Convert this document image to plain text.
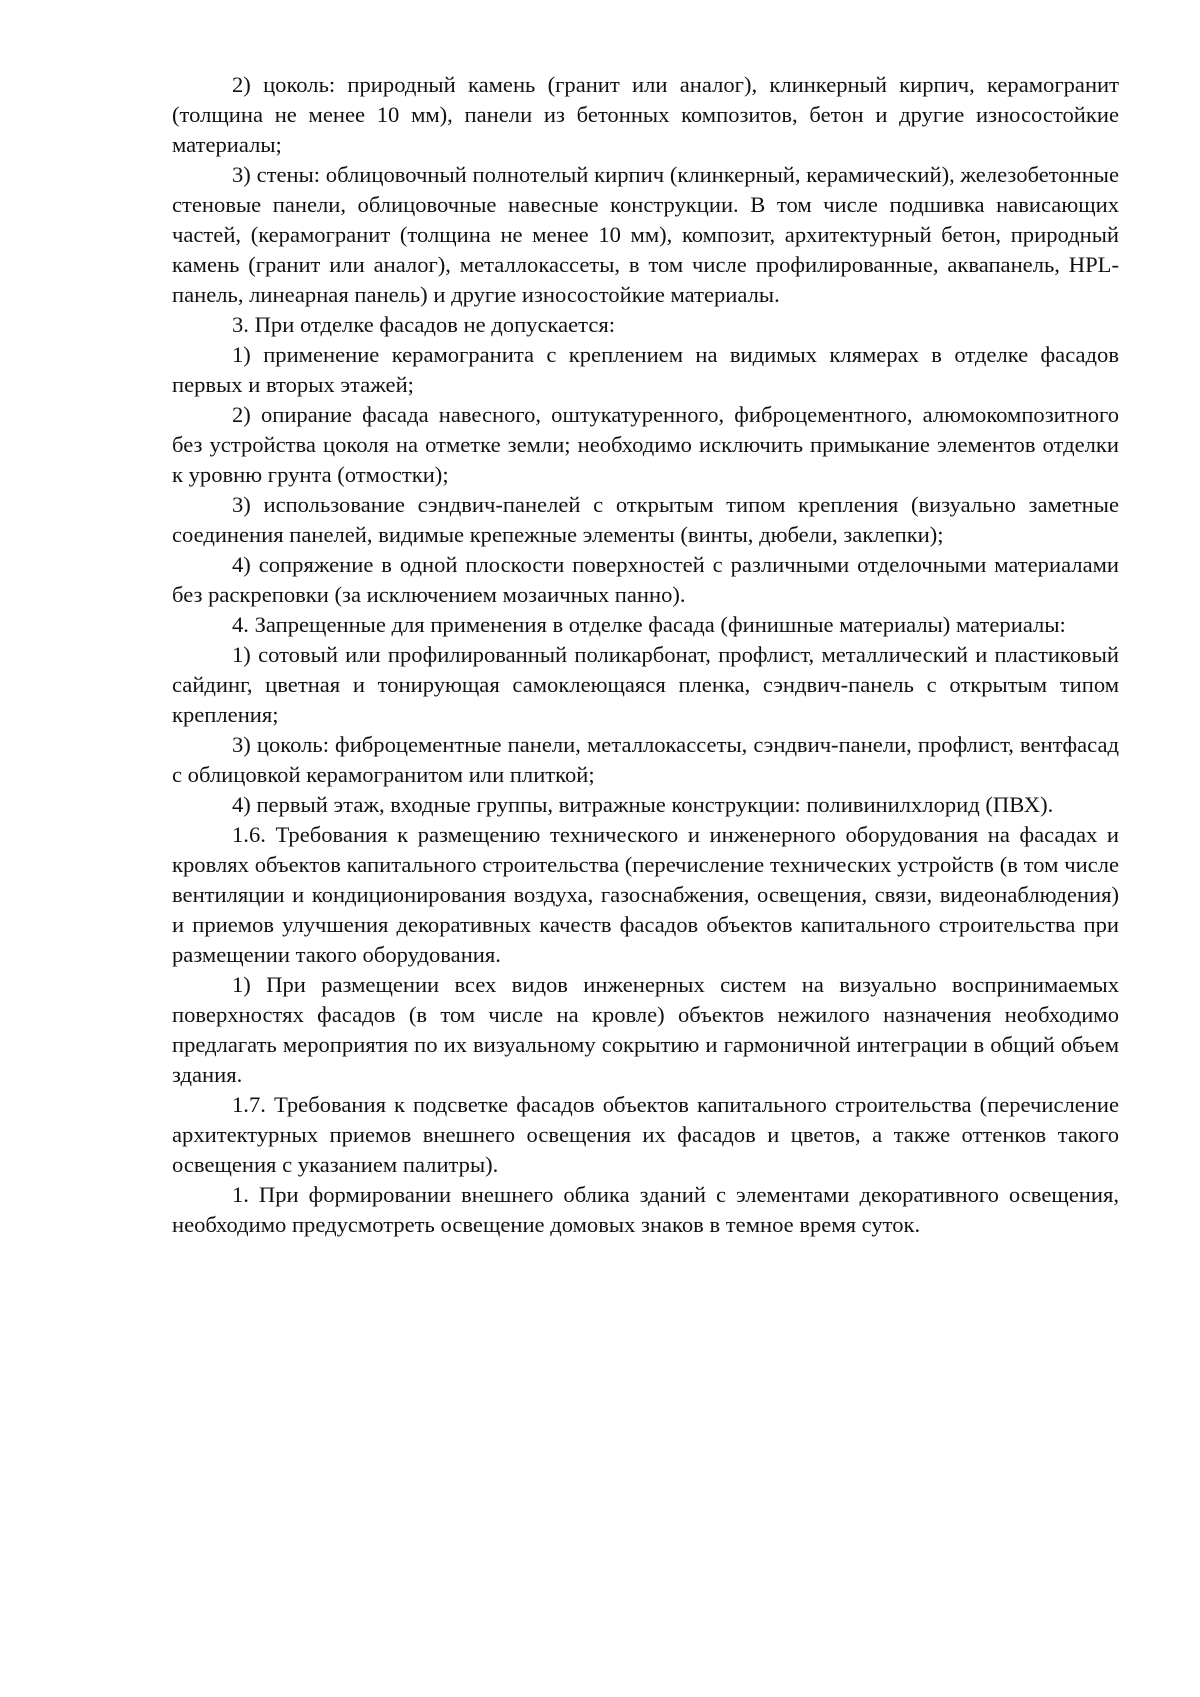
2) цоколь: природный камень (гранит или аналог), клинкерный кирпич, керамогранит (толщина не менее 10 мм), панели из бетонных композитов, бетон и другие износостойкие материалы;

3) стены: облицовочный полнотелый кирпич (клинкерный, керамический), железобетонные стеновые панели, облицовочные навесные конструкции. В том числе подшивка нависающих частей, (керамогранит (толщина не менее 10 мм), композит, архитектурный бетон, природный камень (гранит или аналог), металлокассеты, в том числе профилированные, аквапанель, HPL-панель, линеарная панель) и другие износостойкие материалы.

3. При отделке фасадов не допускается:

1) применение керамогранита с креплением на видимых клямерах в отделке фасадов первых и вторых этажей;

2) опирание фасада навесного, оштукатуренного, фиброцементного, алюмокомпозитного без устройства цоколя на отметке земли; необходимо исключить примыкание элементов отделки к уровню грунта (отмостки);

3) использование сэндвич-панелей с открытым типом крепления (визуально заметные соединения панелей, видимые крепежные элементы (винты, дюбели, заклепки);

4) сопряжение в одной плоскости поверхностей с различными отделочными материалами без раскреповки (за исключением мозаичных панно).

4. Запрещенные для применения в отделке фасада (финишные материалы) материалы:

1) сотовый или профилированный поликарбонат, профлист, металлический и пластиковый сайдинг, цветная и тонирующая самоклеющаяся пленка, сэндвич-панель с открытым типом крепления;

3) цоколь: фиброцементные панели, металлокассеты, сэндвич-панели, профлист, вентфасад с облицовкой керамогранитом или плиткой;

4) первый этаж, входные группы, витражные конструкции: поливинилхлорид (ПВХ).

1.6. Требования к размещению технического и инженерного оборудования на фасадах и кровлях объектов капитального строительства (перечисление технических устройств (в том числе вентиляции и кондиционирования воздуха, газоснабжения, освещения, связи, видеонаблюдения) и приемов улучшения декоративных качеств фасадов объектов капитального строительства при размещении такого оборудования.

1) При размещении всех видов инженерных систем на визуально воспринимаемых поверхностях фасадов (в том числе на кровле) объектов нежилого назначения необходимо предлагать мероприятия по их визуальному сокрытию и гармоничной интеграции в общий объем здания.

1.7. Требования к подсветке фасадов объектов капитального строительства (перечисление архитектурных приемов внешнего освещения их фасадов и цветов, а также оттенков такого освещения с указанием палитры).

1. При формировании внешнего облика зданий с элементами декоративного освещения, необходимо предусмотреть освещение домовых знаков в темное время суток.
